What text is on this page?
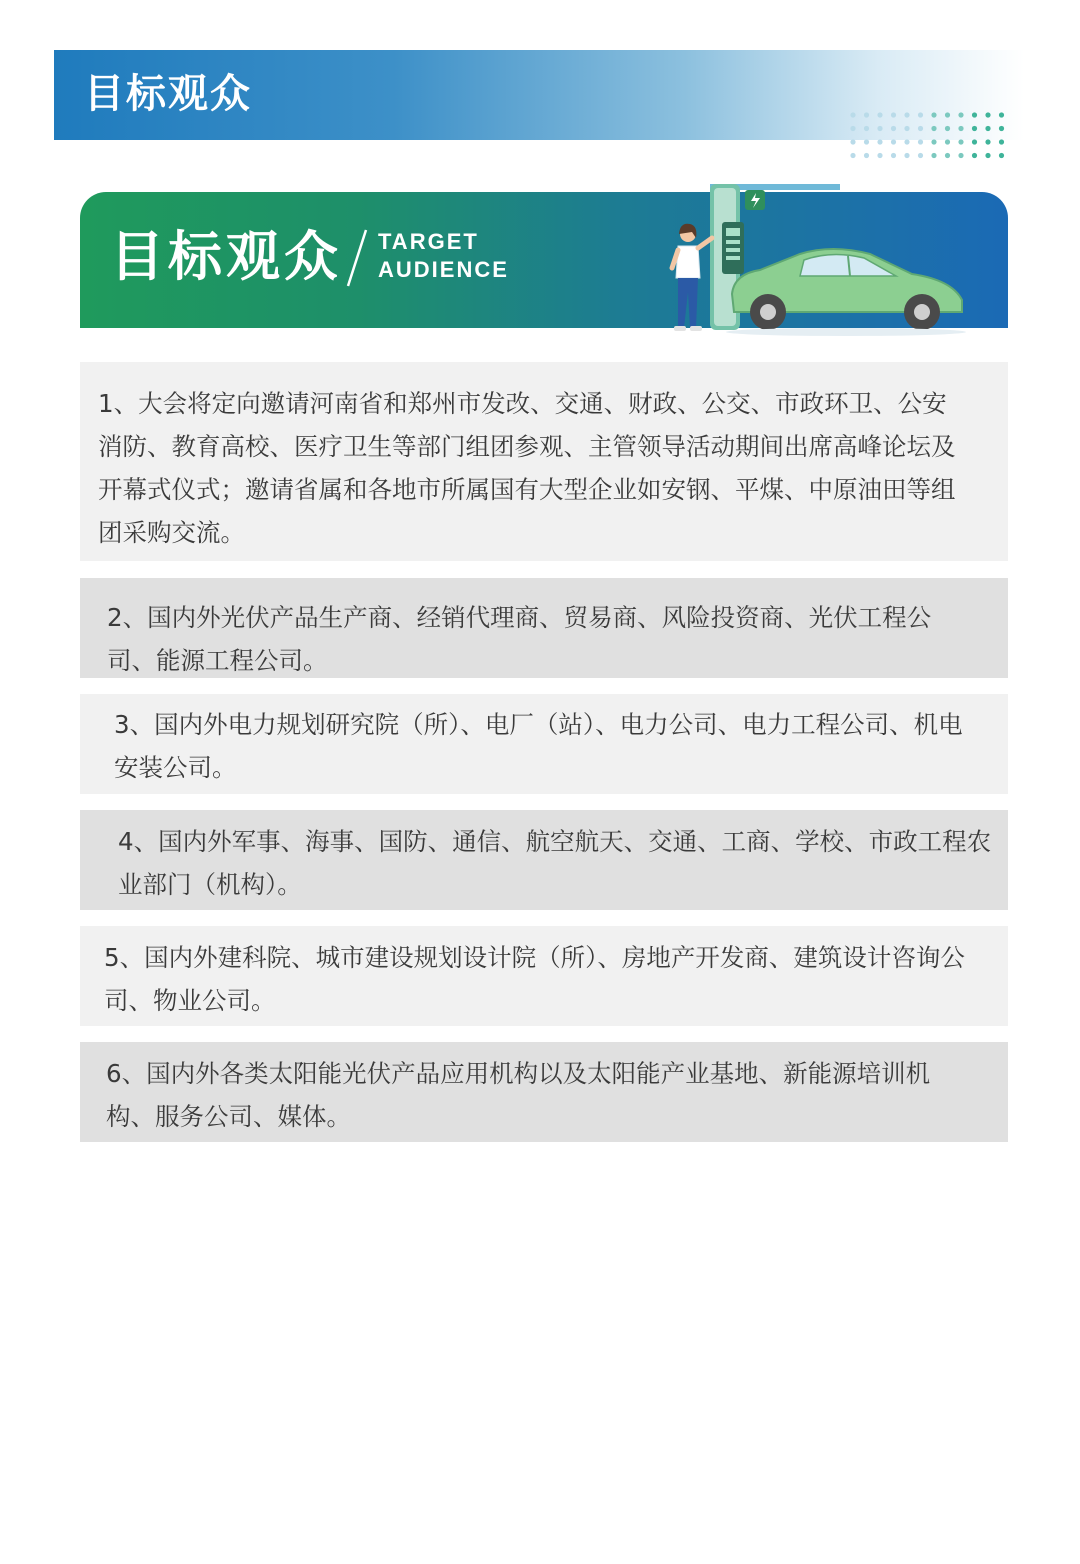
目标观众
目标观众 TARGET
AUDIENCE
1、大会将定向邀请河南省和郑州市发改、交通、财政、公交、市政环卫、公安消防、教育高校、医疗卫生等部门组团参观、主管领导活动期间出席高峰论坛及开幕式仪式；邀请省属和各地市所属国有大型企业如安钢、平煤、中原油田等组团采购交流。
2、国内外光伏产品生产商、经销代理商、贸易商、风险投资商、光伏工程公司、能源工程公司。
3、国内外电力规划研究院（所）、电厂（站）、电力公司、电力工程公司、机电安装公司。
4、国内外军事、海事、国防、通信、航空航天、交通、工商、学校、市政工程农业部门（机构）。
5、国内外建科院、城市建设规划设计院（所）、房地产开发商、建筑设计咨询公司、物业公司。
6、国内外各类太阳能光伏产品应用机构以及太阳能产业基地、新能源培训机构、服务公司、媒体。
